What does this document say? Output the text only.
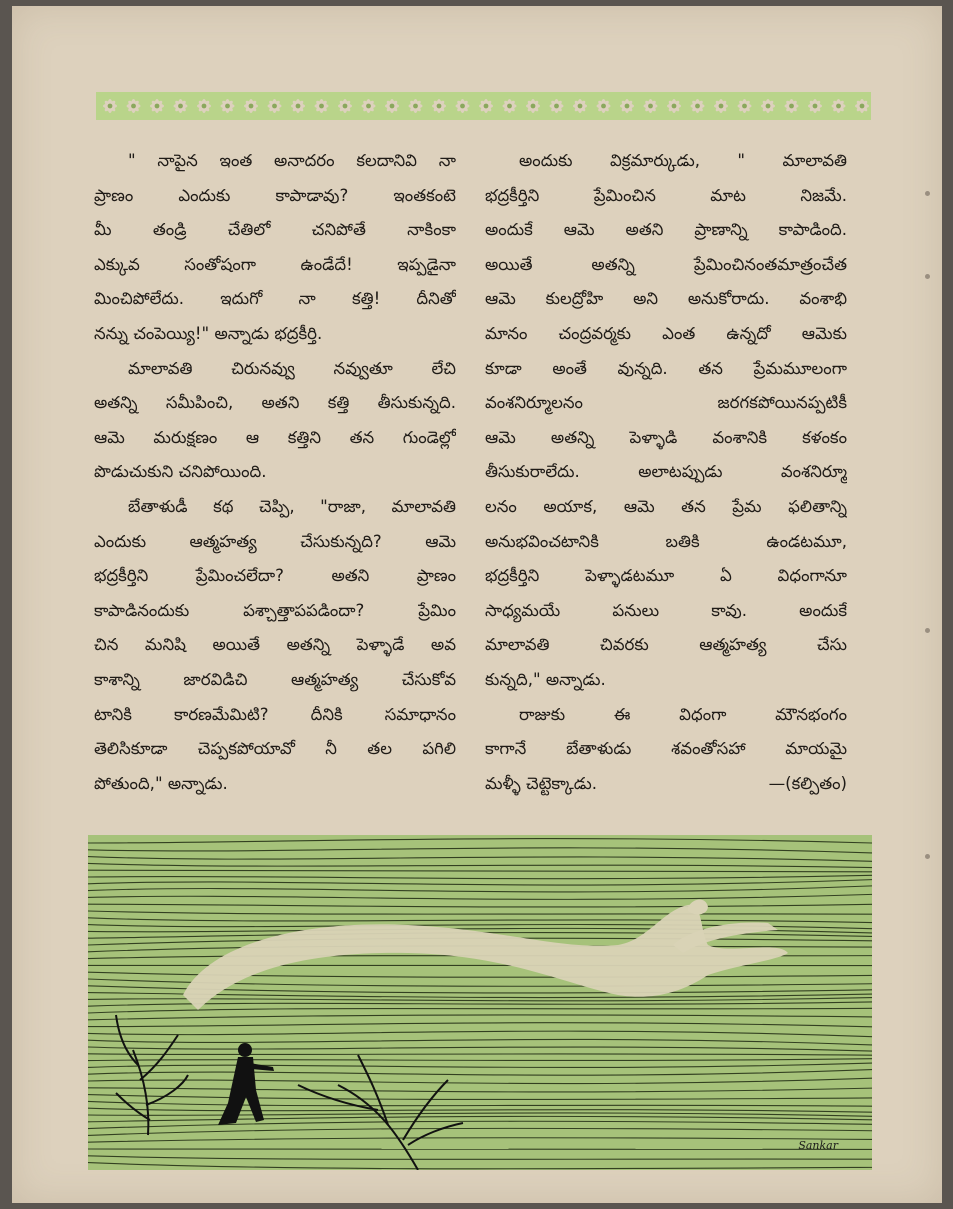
" నాపైన ఇంత అనాదరం కలదానివి నా
ప్రాణం ఎందుకు కాపాడావు? ఇంతకంటె
మీ తండ్రి చేతిలో చనిపోతే నాకింకా
ఎక్కువ సంతోషంగా ఉండేదే! ఇప్పడైనా
మించిపోలేదు. ఇదుగో నా కత్తి! దీనితో
నన్ను చంపెయ్యి!" అన్నాడు భద్రకీర్తి.
మాలావతి చిరునవ్వు నవ్వుతూ లేచి
అతన్ని సమీపించి, అతని కత్తి తీసుకున్నది.
ఆమె మరుక్షణం ఆ కత్తిని తన గుండెల్లో
పొడుచుకుని చనిపోయింది.
బేతాళుడీ కథ చెప్పి, "రాజా, మాలావతి
ఎందుకు ఆత్మహత్య చేసుకున్నది? ఆమె
భద్రకీర్తిని ప్రేమించలేదా? అతని ప్రాణం
కాపాడినందుకు పశ్చాత్తాపపడిందా? ప్రేమిం
చిన మనిషి అయితే అతన్ని పెళ్ళాడే అవ
కాశాన్ని జారవిడిచి ఆత్మహత్య చేసుకోవ
టానికి కారణమేమిటి? దీనికి సమాధానం
తెలిసికూడా చెప్పకపోయావో నీ తల పగిలి
పోతుంది," అన్నాడు.

అందుకు విక్రమార్కుడు, " మాలావతి
భద్రకీర్తిని ప్రేమించిన మాట నిజమే.
అందుకే ఆమె అతని ప్రాణాన్ని కాపాడింది.
అయితే అతన్ని ప్రేమించినంతమాత్రంచేత
ఆమె కులద్రోహి అని అనుకోరాదు. వంశాభి
మానం చంద్రవర్మకు ఎంత ఉన్నదో ఆమెకు
కూడా అంతే వున్నది. తన ప్రేమమూలంగా
వంశనిర్మూలనం జరగకపోయినప్పటికీ
ఆమె అతన్ని పెళ్ళాడి వంశానికి కళంకం
తీసుకురాలేదు. అలాటప్పుడు వంశనిర్మూ
లనం అయాక, ఆమె తన ప్రేమ ఫలితాన్ని
అనుభవించటానికి బతికి ఉండటమూ,
భద్రకీర్తిని పెళ్ళాడటమూ ఏ విధంగానూ
సాధ్యమయే పనులు కావు. అందుకే
మాలావతి చివరకు ఆత్మహత్య చేసు
కున్నది," అన్నాడు.
రాజుకు ఈ విధంగా మౌనభంగం
కాగానే బేతాళుడు శవంతోసహా మాయమై
మళ్ళీ చెట్టెక్కాడు.	—(కల్పితం)

Sankar
